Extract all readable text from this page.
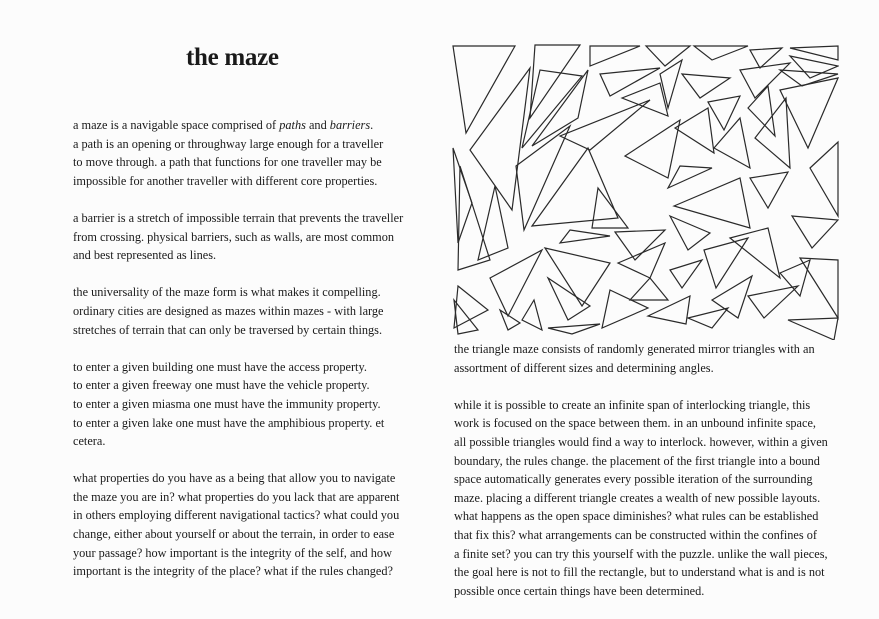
the maze

a maze is a navigable space comprised of paths and barriers.
a path is an opening or throughway large enough for a traveller
to move through. a path that functions for one traveller may be
impossible for another traveller with different core properties.

a barrier is a stretch of impossible terrain that prevents the traveller
from crossing. physical barriers, such as walls, are most common
and best represented as lines.

the universality of the maze form is what makes it compelling.
ordinary cities are designed as mazes within mazes - with large
stretches of terrain that can only be traversed by certain things.

to enter a given building one must have the access property.
to enter a given freeway one must have the vehicle property.
to enter a given miasma one must have the immunity property.
to enter a given lake one must have the amphibious property. et
cetera.

what properties do you have as a being that allow you to navigate
the maze you are in? what properties do you lack that are apparent
in others employing different navigational tactics? what could you
change, either about yourself or about the terrain, in order to ease
your passage? how important is the integrity of the self, and how
important is the integrity of the place? what if the rules changed?

the triangle maze consists of randomly generated mirror triangles with an
assortment of different sizes and determining angles.

while it is possible to create an infinite span of interlocking triangle, this
work is focused on the space between them. in an unbound infinite space,
all possible triangles would find a way to interlock. however, within a given
boundary, the rules change. the placement of the first triangle into a bound
space automatically generates every possible iteration of the surrounding
maze. placing a different triangle creates a wealth of new possible layouts.
what happens as the open space diminishes? what rules can be established
that fix this? what arrangements can be constructed within the confines of
a finite set? you can try this yourself with the puzzle. unlike the wall pieces,
the goal here is not to fill the rectangle, but to understand what is and is not
possible once certain things have been determined.
